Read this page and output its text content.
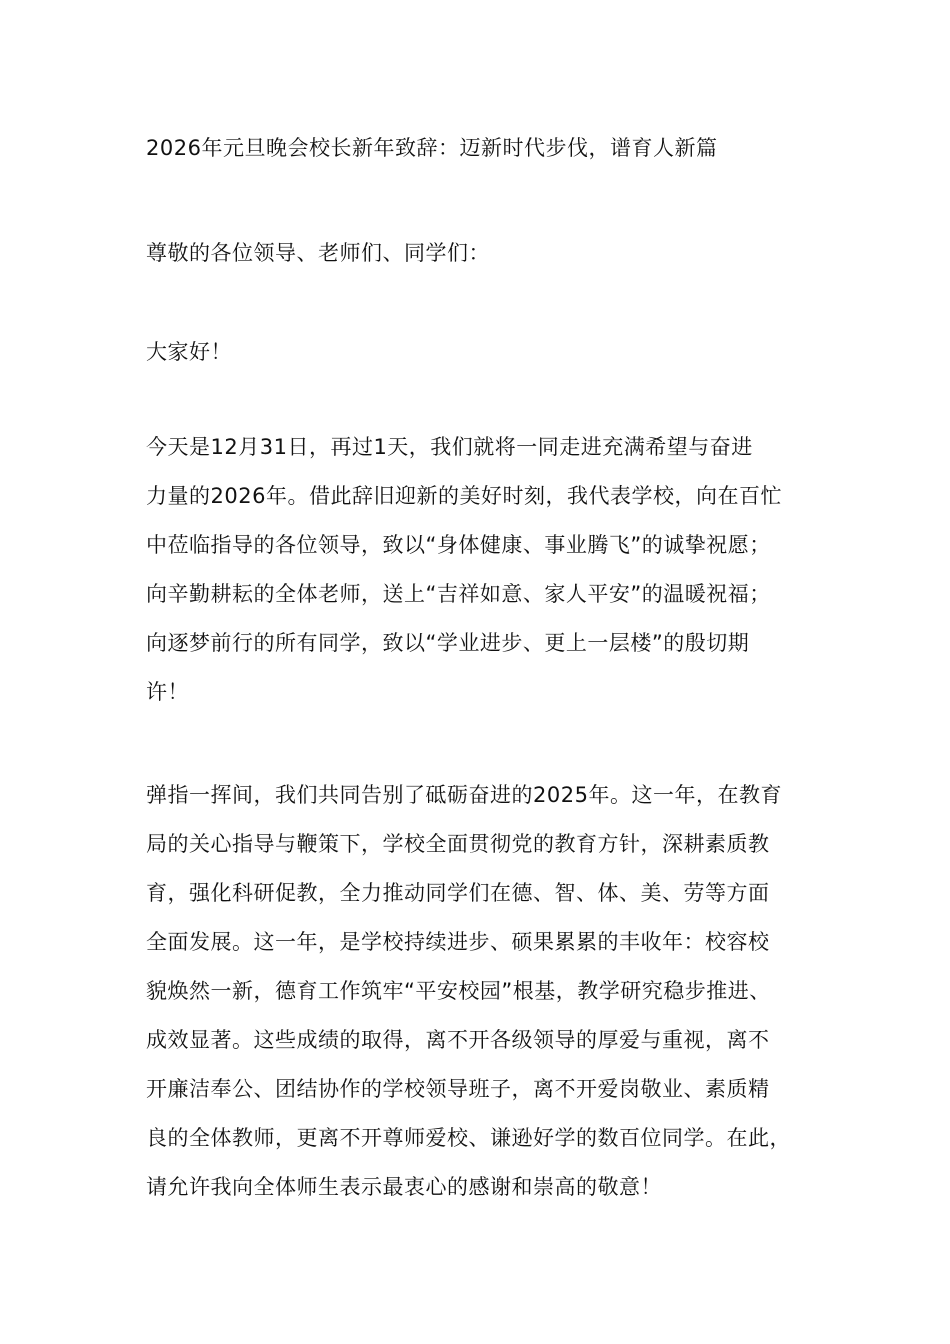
2026年元旦晚会校长新年致辞：迈新时代步伐，谱育人新篇
尊敬的各位领导、老师们、同学们：
大家好！
今天是12月31日，再过1天，我们就将一同走进充满希望与奋进
力量的2026年。借此辞旧迎新的美好时刻，我代表学校，向在百忙
中莅临指导的各位领导，致以“身体健康、事业腾飞”的诚挚祝愿；
向辛勤耕耘的全体老师，送上“吉祥如意、家人平安”的温暖祝福；
向逐梦前行的所有同学，致以“学业进步、更上一层楼”的殷切期
许！
弹指一挥间，我们共同告别了砥砺奋进的2025年。这一年，在教育
局的关心指导与鞭策下，学校全面贯彻党的教育方针，深耕素质教
育，强化科研促教，全力推动同学们在德、智、体、美、劳等方面
全面发展。这一年，是学校持续进步、硕果累累的丰收年：校容校
貌焕然一新，德育工作筑牢“平安校园”根基，教学研究稳步推进、
成效显著。这些成绩的取得，离不开各级领导的厚爱与重视，离不
开廉洁奉公、团结协作的学校领导班子，离不开爱岗敬业、素质精
良的全体教师，更离不开尊师爱校、谦逊好学的数百位同学。在此，
请允许我向全体师生表示最衷心的感谢和崇高的敬意！
